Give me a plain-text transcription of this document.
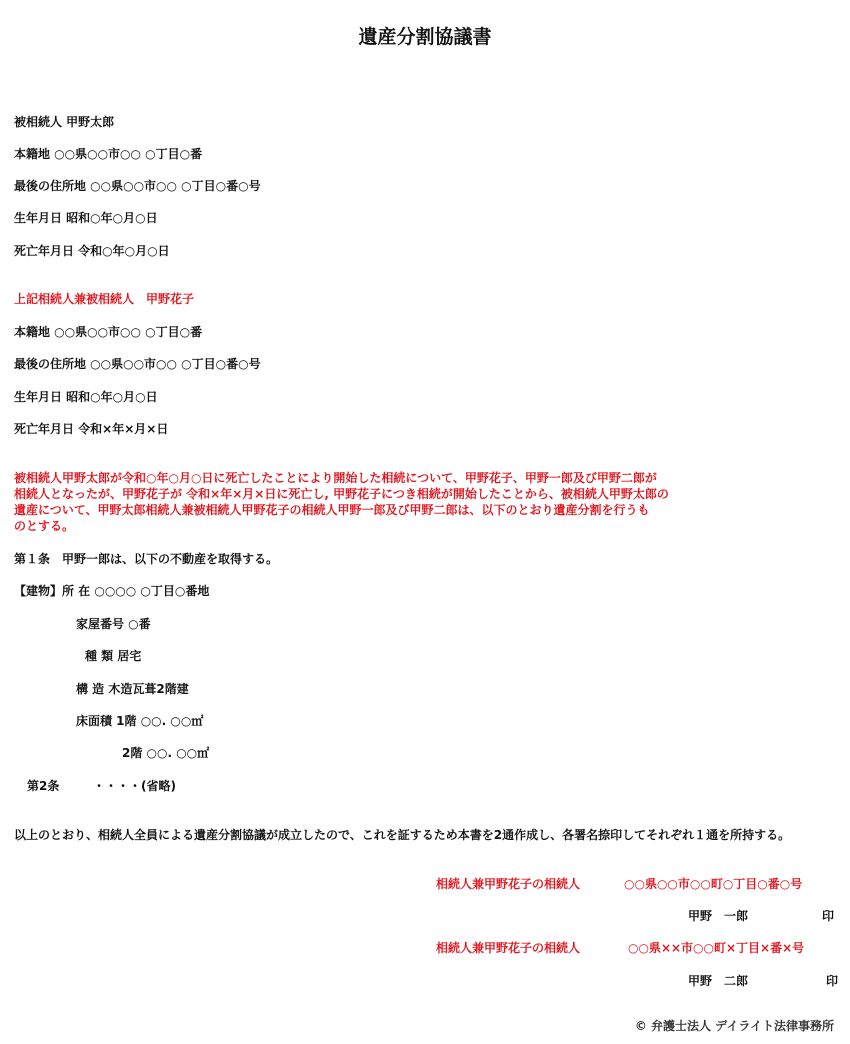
遺産分割協議書
被相続人 甲野太郎
本籍地 ○○県○○市○○ ○丁目○番
最後の住所地 ○○県○○市○○ ○丁目○番○号
生年月日 昭和○年○月○日
死亡年月日 令和○年○月○日
上記相続人兼被相続人　甲野花子
本籍地 ○○県○○市○○ ○丁目○番
最後の住所地 ○○県○○市○○ ○丁目○番○号
生年月日 昭和○年○月○日
死亡年月日 令和×年×月×日
被相続人甲野太郎が令和○年○月○日に死亡したことにより開始した相続について、甲野花子、甲野一郎及び甲野二郎が
相続人となったが、甲野花子が 令和×年×月×日に死亡し, 甲野花子につき相続が開始したことから、被相続人甲野太郎の
遺産について、甲野太郎相続人兼被相続人甲野花子の相続人甲野一郎及び甲野二郎は、以下のとおり遺産分割を行うも
のとする。
第１条　甲野一郎は、以下の不動産を取得する。
【建物】所 在 ○○○○ ○丁目○番地
家屋番号 ○番
種 類 居宅
構 造 木造瓦葺2階建
床面積 1階 ○○. ○○㎡
2階 ○○. ○○㎡
第2条	・・・・(省略)
以上のとおり、相続人全員による遺産分割協議が成立したので、これを証するため本書を2通作成し、各署名捺印してそれぞれ１通を所持する。
相続人兼甲野花子の相続人	○○県○○市○○町○丁目○番○号
甲野　一郎	印
相続人兼甲野花子の相続人	○○県××市○○町×丁目×番×号
甲野　二郎	印
© 弁護士法人 デイライト法律事務所
